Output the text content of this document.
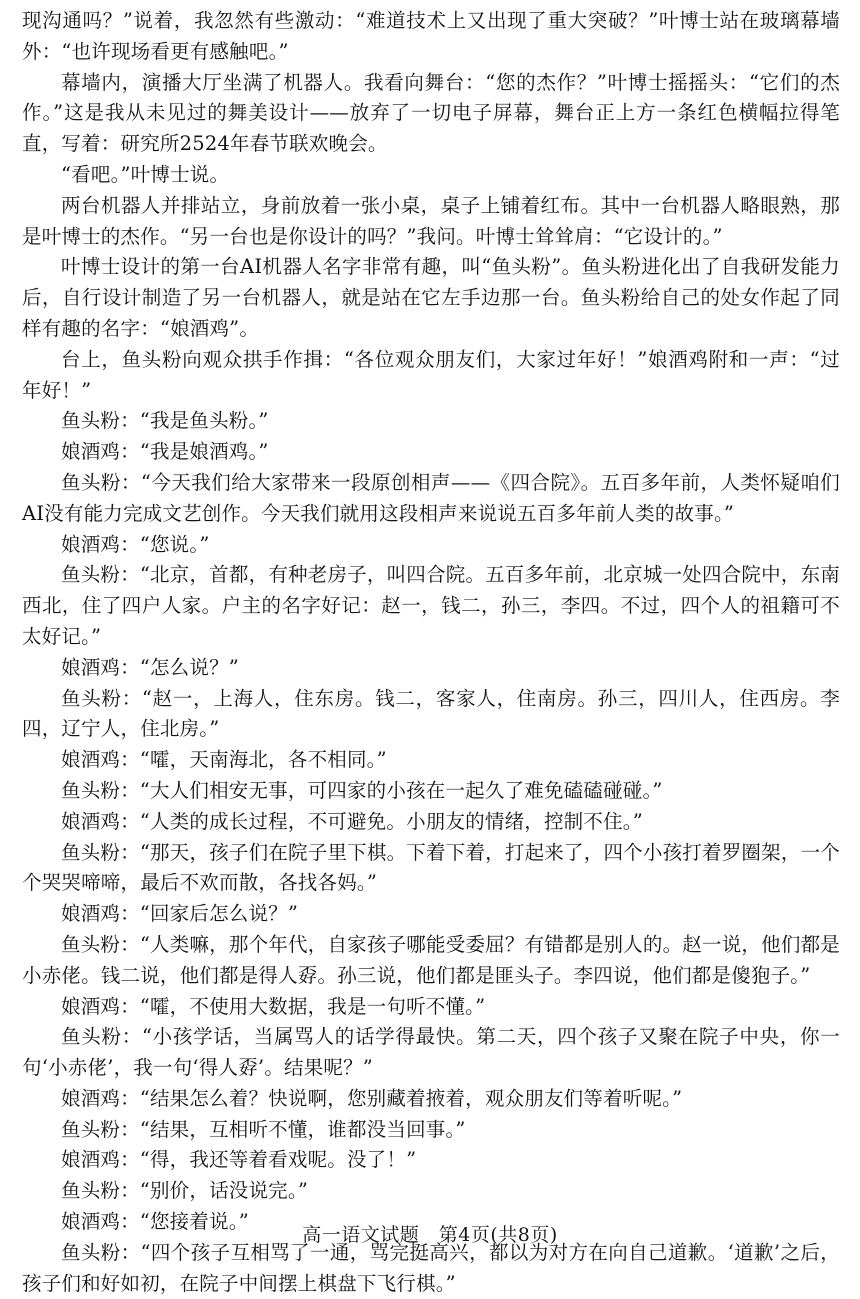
现沟通吗？”说着，我忽然有些激动：“难道技术上又出现了重大突破？”叶博士站在玻璃幕墙外：“也许现场看更有感触吧。”

幕墙内，演播大厅坐满了机器人。我看向舞台：“您的杰作？”叶博士摇摇头：“它们的杰作。”这是我从未见过的舞美设计——放弃了一切电子屏幕，舞台正上方一条红色横幅拉得笔直，写着：研究所2524年春节联欢晚会。

“看吧。”叶博士说。

两台机器人并排站立，身前放着一张小桌，桌子上铺着红布。其中一台机器人略眼熟，那是叶博士的杰作。“另一台也是你设计的吗？”我问。叶博士耸耸肩：“它设计的。”

叶博士设计的第一台AI机器人名字非常有趣，叫“鱼头粉”。鱼头粉进化出了自我研发能力后，自行设计制造了另一台机器人，就是站在它左手边那一台。鱼头粉给自己的处女作起了同样有趣的名字：“娘酒鸡”。

台上，鱼头粉向观众拱手作揖：“各位观众朋友们，大家过年好！”娘酒鸡附和一声：“过年好！”

鱼头粉：“我是鱼头粉。”

娘酒鸡：“我是娘酒鸡。”

鱼头粉：“今天我们给大家带来一段原创相声——《四合院》。五百多年前，人类怀疑咱们AI没有能力完成文艺创作。今天我们就用这段相声来说说五百多年前人类的故事。”

娘酒鸡：“您说。”

鱼头粉：“北京，首都，有种老房子，叫四合院。五百多年前，北京城一处四合院中，东南西北，住了四户人家。户主的名字好记：赵一，钱二，孙三，李四。不过，四个人的祖籍可不太好记。”

娘酒鸡：“怎么说？”

鱼头粉：“赵一，上海人，住东房。钱二，客家人，住南房。孙三，四川人，住西房。李四，辽宁人，住北房。”

娘酒鸡：“嚯，天南海北，各不相同。”

鱼头粉：“大人们相安无事，可四家的小孩在一起久了难免磕磕碰碰。”

娘酒鸡：“人类的成长过程，不可避免。小朋友的情绪，控制不住。”

鱼头粉：“那天，孩子们在院子里下棋。下着下着，打起来了，四个小孩打着罗圈架，一个个哭哭啼啼，最后不欢而散，各找各妈。”

娘酒鸡：“回家后怎么说？”

鱼头粉：“人类嘛，那个年代，自家孩子哪能受委屈？有错都是别人的。赵一说，他们都是小赤佬。钱二说，他们都是得人孬。孙三说，他们都是匪头子。李四说，他们都是傻狍子。”

娘酒鸡：“嚯，不使用大数据，我是一句听不懂。”

鱼头粉：“小孩学话，当属骂人的话学得最快。第二天，四个孩子又聚在院子中央，你一句‘小赤佬’，我一句‘得人孬’。结果呢？”

娘酒鸡：“结果怎么着？快说啊，您别藏着掖着，观众朋友们等着听呢。”

鱼头粉：“结果，互相听不懂，谁都没当回事。”

娘酒鸡：“得，我还等着看戏呢。没了！”

鱼头粉：“别价，话没说完。”

娘酒鸡：“您接着说。”

鱼头粉：“四个孩子互相骂了一通，骂完挺高兴，都以为对方在向自己道歉。‘道歉’之后，孩子们和好如初，在院子中间摆上棋盘下飞行棋。”

高一语文试题　第4页(共8页)
